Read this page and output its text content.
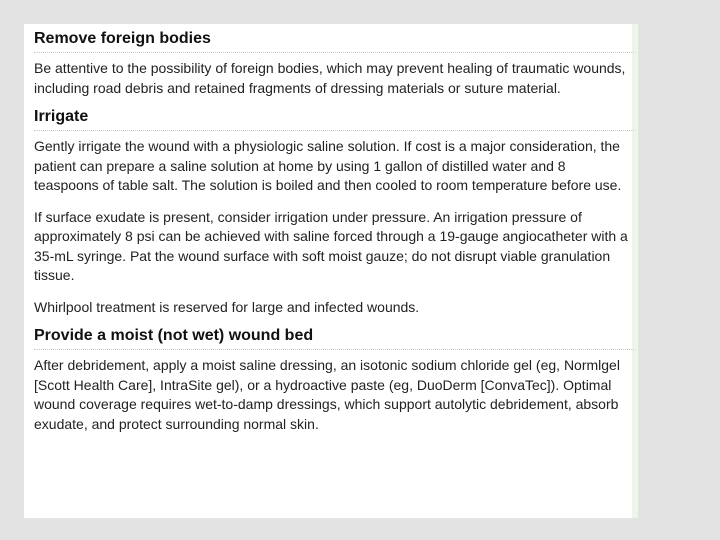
Remove foreign bodies

Be attentive to the possibility of foreign bodies, which may prevent healing of traumatic wounds, including road debris and retained fragments of dressing materials or suture material.

Irrigate

Gently irrigate the wound with a physiologic saline solution. If cost is a major consideration, the patient can prepare a saline solution at home by using 1 gallon of distilled water and 8 teaspoons of table salt. The solution is boiled and then cooled to room temperature before use.

If surface exudate is present, consider irrigation under pressure. An irrigation pressure of approximately 8 psi can be achieved with saline forced through a 19-gauge angiocatheter with a 35-mL syringe. Pat the wound surface with soft moist gauze; do not disrupt viable granulation tissue.

Whirlpool treatment is reserved for large and infected wounds.

Provide a moist (not wet) wound bed

After debridement, apply a moist saline dressing, an isotonic sodium chloride gel (eg, Normlgel [Scott Health Care], IntraSite gel), or a hydroactive paste (eg, DuoDerm [ConvaTec]). Optimal wound coverage requires wet-to-damp dressings, which support autolytic debridement, absorb exudate, and protect surrounding normal skin.
